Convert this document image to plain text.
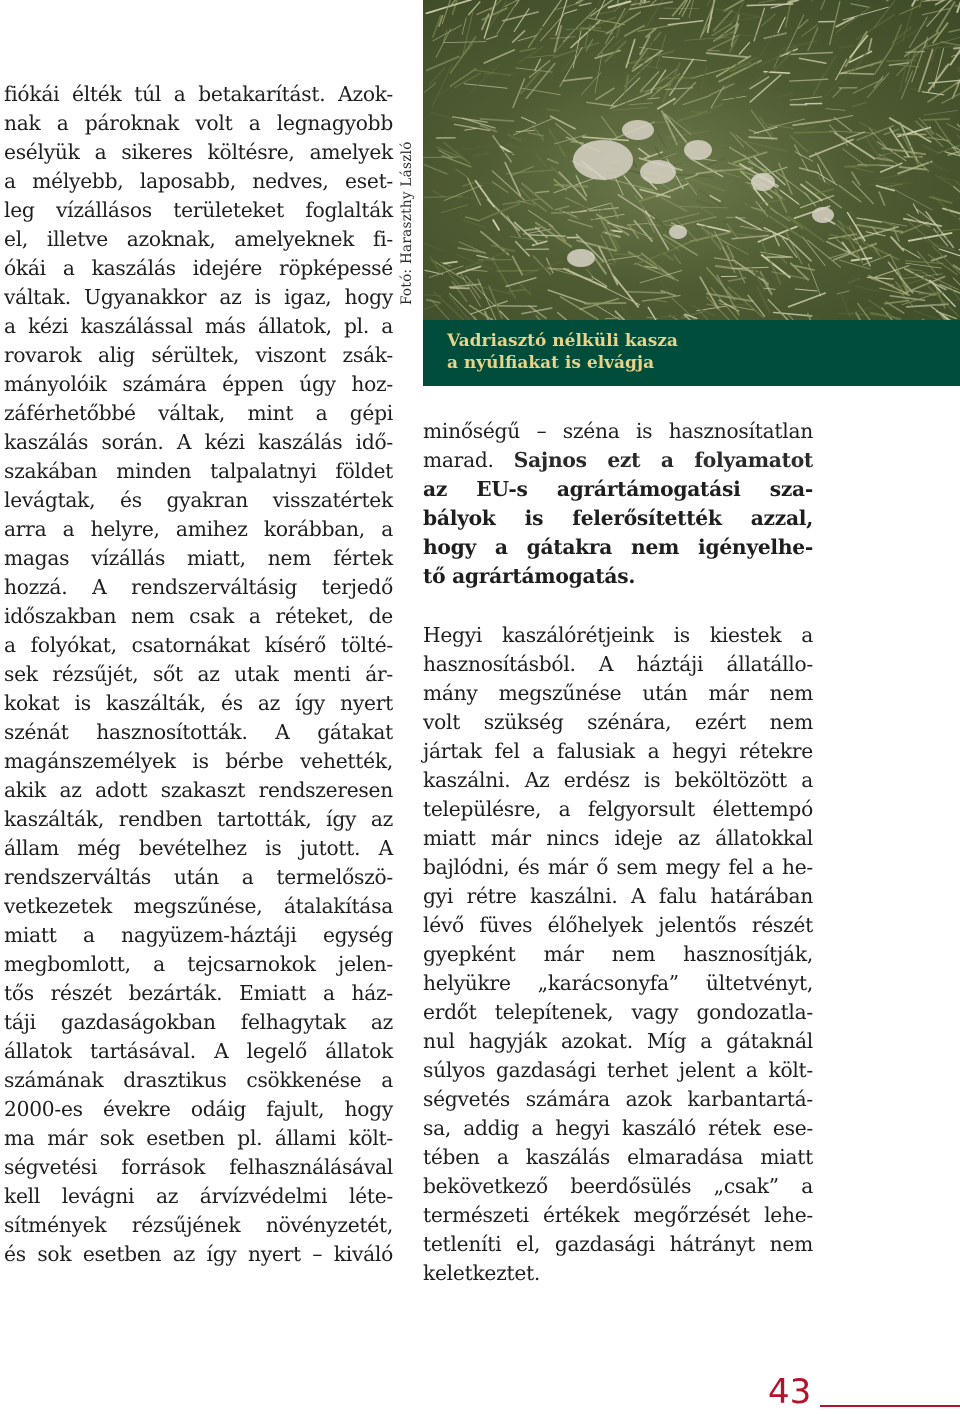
Vadriasztó nélküli kasza
a nyúlfiakat is elvágja
Fotó: Haraszthy László
fiókái élték túl a betakarítást. Azok-
nak a pároknak volt a legnagyobb
esélyük a sikeres költésre, amelyek
a mélyebb, laposabb, nedves, eset-
leg vízállásos területeket foglalták
el, illetve azoknak, amelyeknek fi-
ókái a kaszálás idejére röpképessé
váltak. Ugyanakkor az is igaz, hogy
a kézi kaszálással más állatok, pl. a
rovarok alig sérültek, viszont zsák-
mányolóik számára éppen úgy hoz-
záférhetőbbé váltak, mint a gépi
kaszálás során. A kézi kaszálás idő-
szakában minden talpalatnyi földet
levágtak, és gyakran visszatértek
arra a helyre, amihez korábban, a
magas vízállás miatt, nem fértek
hozzá. A rendszerváltásig terjedő
időszakban nem csak a réteket, de
a folyókat, csatornákat kísérő tölté-
sek rézsűjét, sőt az utak menti ár-
kokat is kaszálták, és az így nyert
szénát hasznosították. A gátakat
magánszemélyek is bérbe vehették,
akik az adott szakaszt rendszeresen
kaszálták, rendben tartották, így az
állam még bevételhez is jutott. A
rendszerváltás után a termelőszö-
vetkezetek megszűnése, átalakítása
miatt a nagyüzem-háztáji egység
megbomlott, a tejcsarnokok jelen-
tős részét bezárták. Emiatt a ház-
táji gazdaságokban felhagytak az
állatok tartásával. A legelő állatok
számának drasztikus csökkenése a
2000-es évekre odáig fajult, hogy
ma már sok esetben pl. állami költ-
ségvetési források felhasználásával
kell levágni az árvízvédelmi léte-
sítmények rézsűjének növényzetét,
és sok esetben az így nyert – kiváló
minőségű – széna is hasznosítatlan
marad. Sajnos ezt a folyamatot
az EU-s agrártámogatási sza-
bályok is felerősítették azzal,
hogy a gátakra nem igényelhe-
tő agrártámogatás.
Hegyi kaszálórétjeink is kiestek a
hasznosításból. A háztáji állatállo-
mány megszűnése után már nem
volt szükség szénára, ezért nem
jártak fel a falusiak a hegyi rétekre
kaszálni. Az erdész is beköltözött a
településre, a felgyorsult élettempó
miatt már nincs ideje az állatokkal
bajlódni, és már ő sem megy fel a he-
gyi rétre kaszálni. A falu határában
lévő füves élőhelyek jelentős részét
gyepként már nem hasznosítják,
helyükre „karácsonyfa” ültetvényt,
erdőt telepítenek, vagy gondozatla-
nul hagyják azokat. Míg a gátaknál
súlyos gazdasági terhet jelent a költ-
ségvetés számára azok karbantartá-
sa, addig a hegyi kaszáló rétek ese-
tében a kaszálás elmaradása miatt
bekövetkező beerdősülés „csak” a
természeti értékek megőrzését lehe-
tetleníti el, gazdasági hátrányt nem
keletkeztet.
43
